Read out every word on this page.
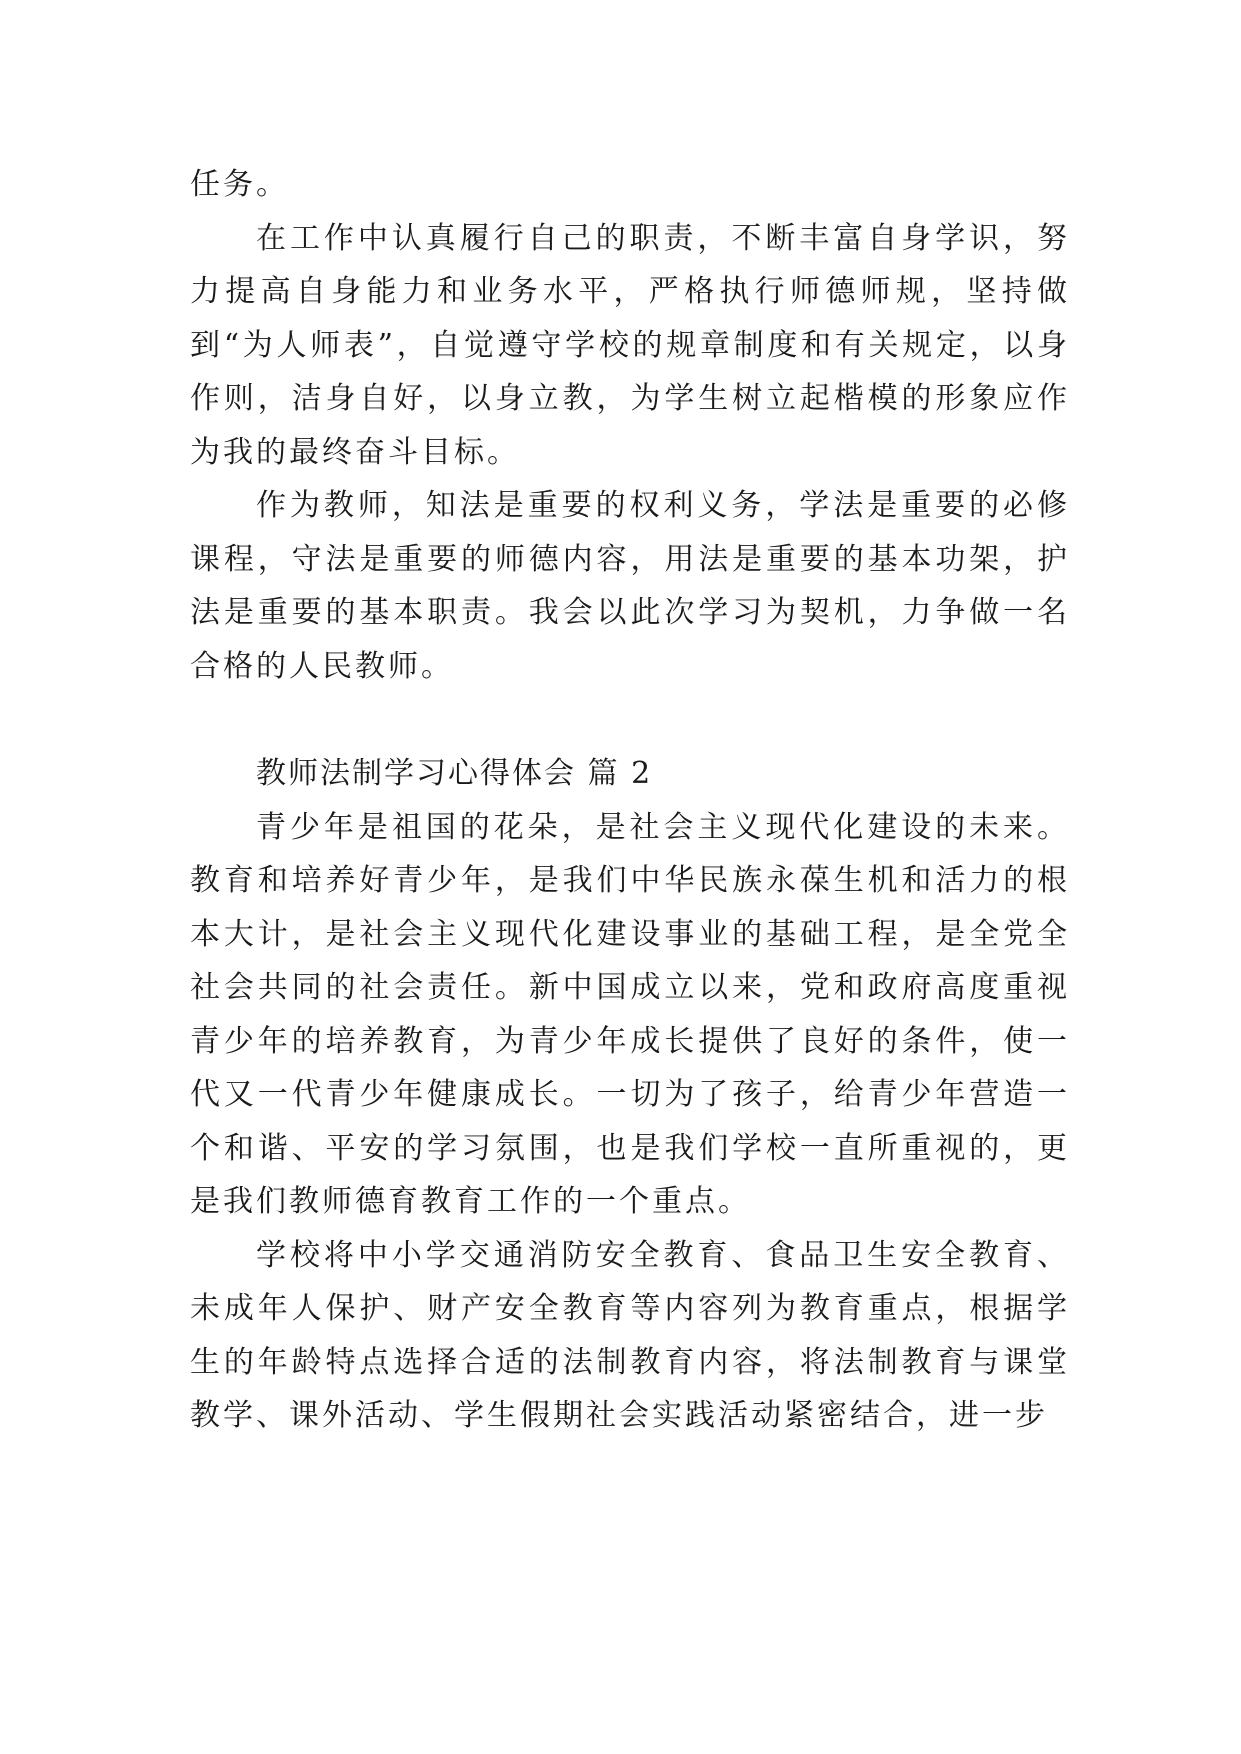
任务。

在工作中认真履行自己的职责，不断丰富自身学识，努力提高自身能力和业务水平，严格执行师德师规，坚持做到“为人师表”，自觉遵守学校的规章制度和有关规定，以身作则，洁身自好，以身立教，为学生树立起楷模的形象应作为我的最终奋斗目标。

作为教师，知法是重要的权利义务，学法是重要的必修课程，守法是重要的师德内容，用法是重要的基本功架，护法是重要的基本职责。我会以此次学习为契机，力争做一名合格的人民教师。

教师法制学习心得体会 篇 2

青少年是祖国的花朵，是社会主义现代化建设的未来。教育和培养好青少年，是我们中华民族永葆生机和活力的根本大计，是社会主义现代化建设事业的基础工程，是全党全社会共同的社会责任。新中国成立以来，党和政府高度重视青少年的培养教育，为青少年成长提供了良好的条件，使一代又一代青少年健康成长。一切为了孩子，给青少年营造一个和谐、平安的学习氛围，也是我们学校一直所重视的，更是我们教师德育教育工作的一个重点。

学校将中小学交通消防安全教育、食品卫生安全教育、未成年人保护、财产安全教育等内容列为教育重点，根据学生的年龄特点选择合适的法制教育内容，将法制教育与课堂教学、课外活动、学生假期社会实践活动紧密结合，进一步
